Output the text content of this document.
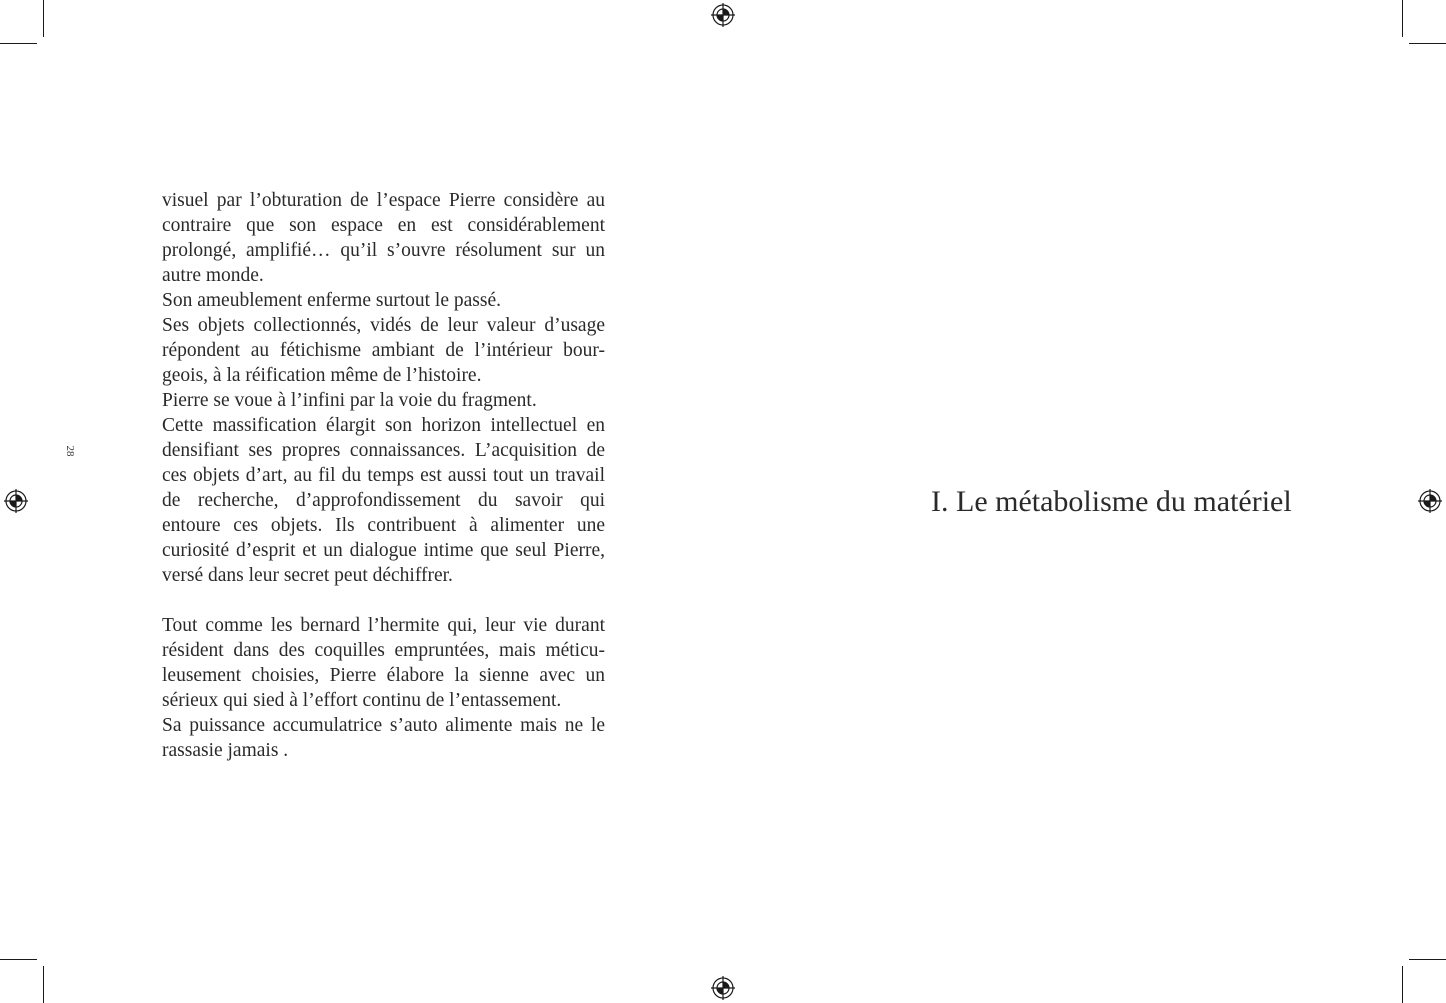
28

visuel par l’obturation de l’espace Pierre considère au contraire que son espace en est considérablement prolongé, amplifié… qu’il s’ouvre résolument sur un autre monde.

Son ameublement enferme surtout le passé.

Ses objets collectionnés, vidés de leur valeur d’usage répondent au fétichisme ambiant de l’intérieur bour-geois, à la réification même de l’histoire.

Pierre se voue à l’infini par la voie du fragment.

Cette massification élargit son horizon intellectuel en densifiant ses propres connaissances. L’acquisition de ces objets d’art, au fil du temps est aussi tout un travail de recherche, d’approfondissement du savoir qui entoure ces objets. Ils contribuent à alimenter une curiosité d’esprit et un dialogue intime que seul Pierre, versé dans leur secret peut déchiffrer.

Tout comme les bernard l’hermite qui, leur vie durant résident dans des coquilles empruntées, mais méticu-leusement choisies, Pierre élabore la sienne avec un sérieux qui sied à l’effort continu de l’entassement.

Sa puissance accumulatrice s’auto alimente mais ne le rassasie jamais .

I. Le métabolisme du matériel
